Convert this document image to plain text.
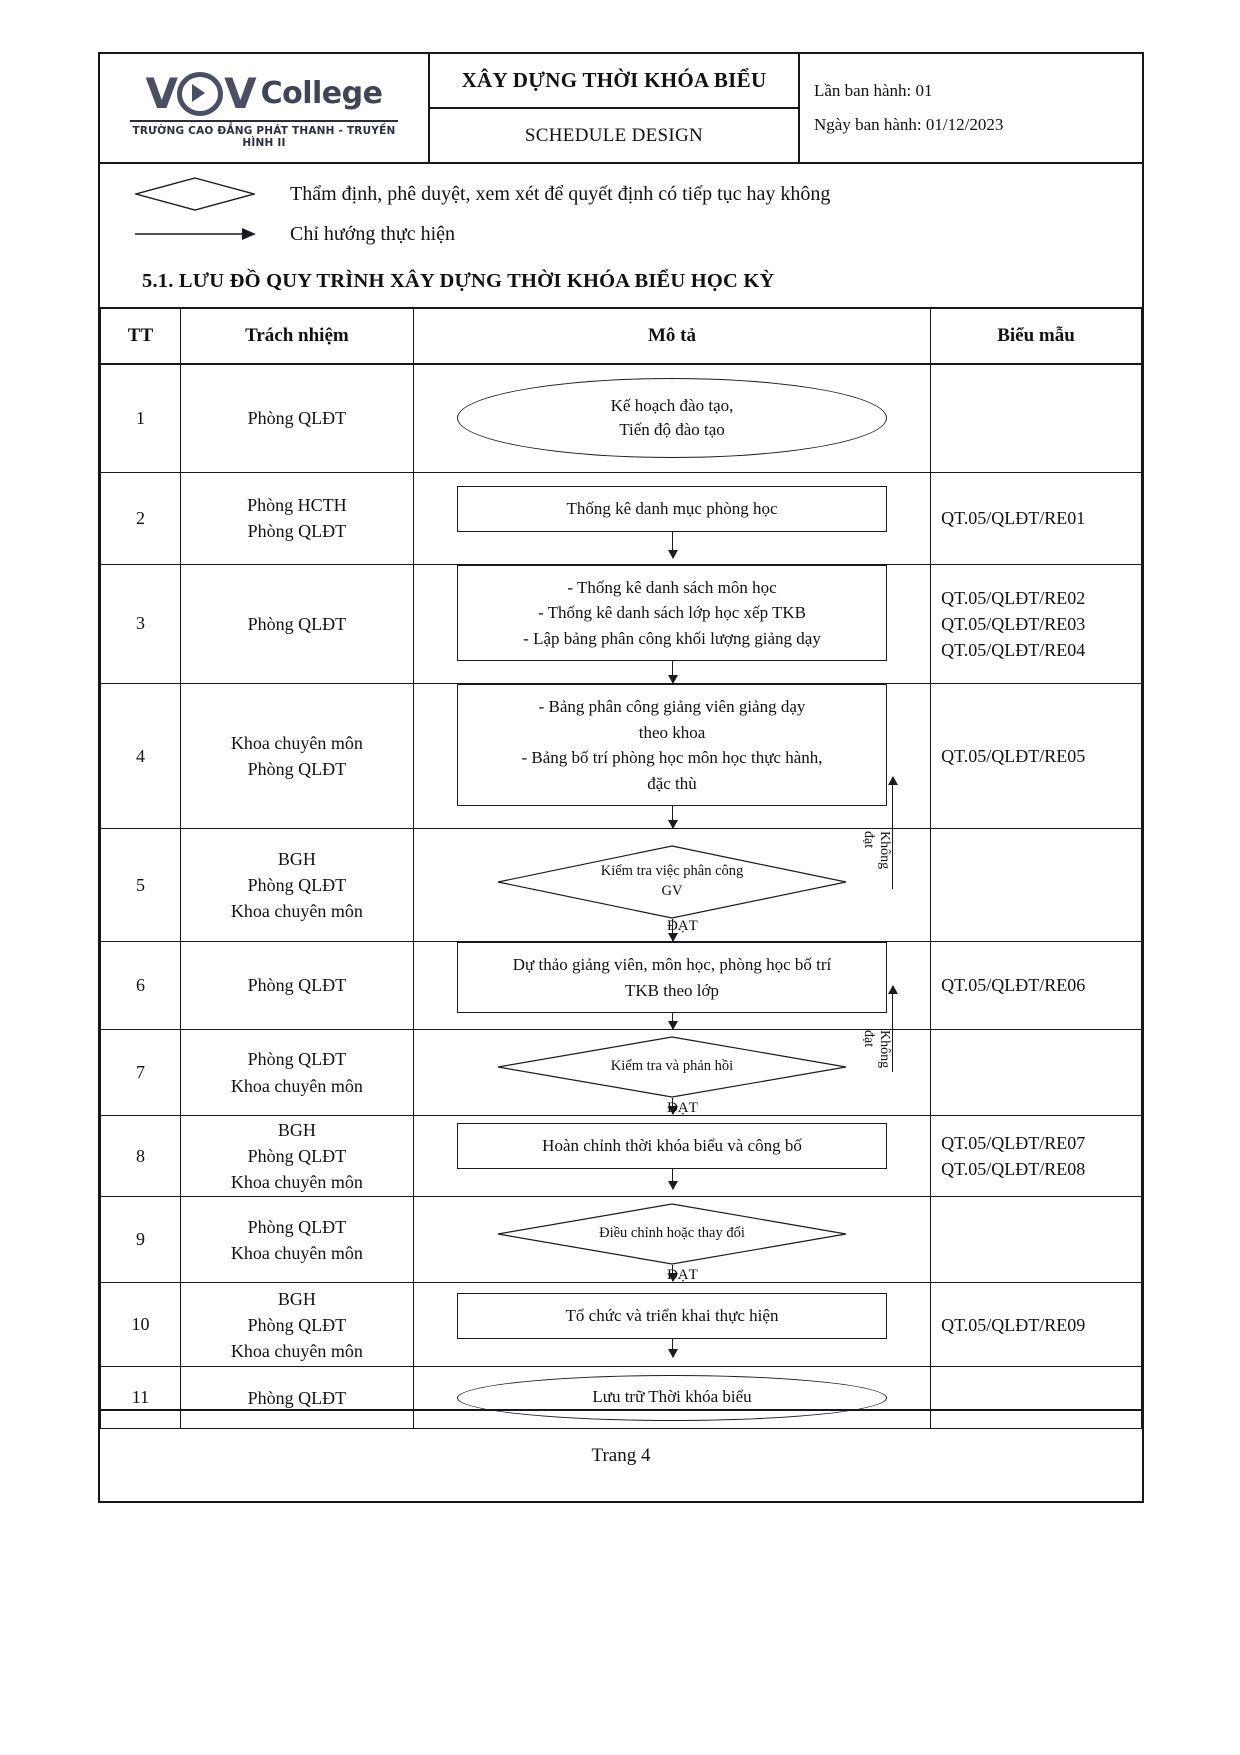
V V College
TRƯỜNG CAO ĐẲNG PHÁT THANH - TRUYỀN HÌNH II
XÂY DỰNG THỜI KHÓA BIỂU
SCHEDULE DESIGN
Lần ban hành: 01
Ngày ban hành: 01/12/2023
Thẩm định, phê duyệt, xem xét để quyết định có tiếp tục hay không
Chỉ hướng thực hiện
5.1. LƯU ĐỒ QUY TRÌNH XÂY DỰNG THỜI KHÓA BIỂU HỌC KỲ
TT	Trách nhiệm	Mô tả	Biểu mẫu
1	Phòng QLĐT	Kế hoạch đào tạo,
Tiến độ đào tạo	

2	Phòng HCTH
Phòng QLĐT	Thống kê danh mục phòng học	QT.05/QLĐT/RE01
3	Phòng QLĐT	- Thống kê danh sách môn học
- Thống kê danh sách lớp học xếp TKB
- Lập bảng phân công khối lượng giảng dạy	QT.05/QLĐT/RE02
QT.05/QLĐT/RE03
QT.05/QLĐT/RE04
4	Khoa chuyên môn
Phòng QLĐT	- Bảng phân công giảng viên giảng dạy
theo khoa
- Bảng bố trí phòng học môn học thực hành,
đặc thù	QT.05/QLĐT/RE05
5	BGH
Phòng QLĐT
Khoa chuyên môn	Kiểm tra việc phân công
GV
ĐẠT
Không
đạt	

6	Phòng QLĐT	Dự thảo giảng viên, môn học, phòng học bố trí
TKB theo lớp	QT.05/QLĐT/RE06
7	Phòng QLĐT
Khoa chuyên môn	Kiểm tra và phản hồi
ĐẠT
Không
đạt	

8	BGH
Phòng QLĐT
Khoa chuyên môn	Hoàn chỉnh thời khóa biểu và công bố	QT.05/QLĐT/RE07
QT.05/QLĐT/RE08
9	Phòng QLĐT
Khoa chuyên môn	Điều chỉnh hoặc thay đổi
ĐẠT	

10	BGH
Phòng QLĐT
Khoa chuyên môn	Tổ chức và triển khai thực hiện	QT.05/QLĐT/RE09
11	Phòng QLĐT	Lưu trữ Thời khóa biểu	

Trang 4
